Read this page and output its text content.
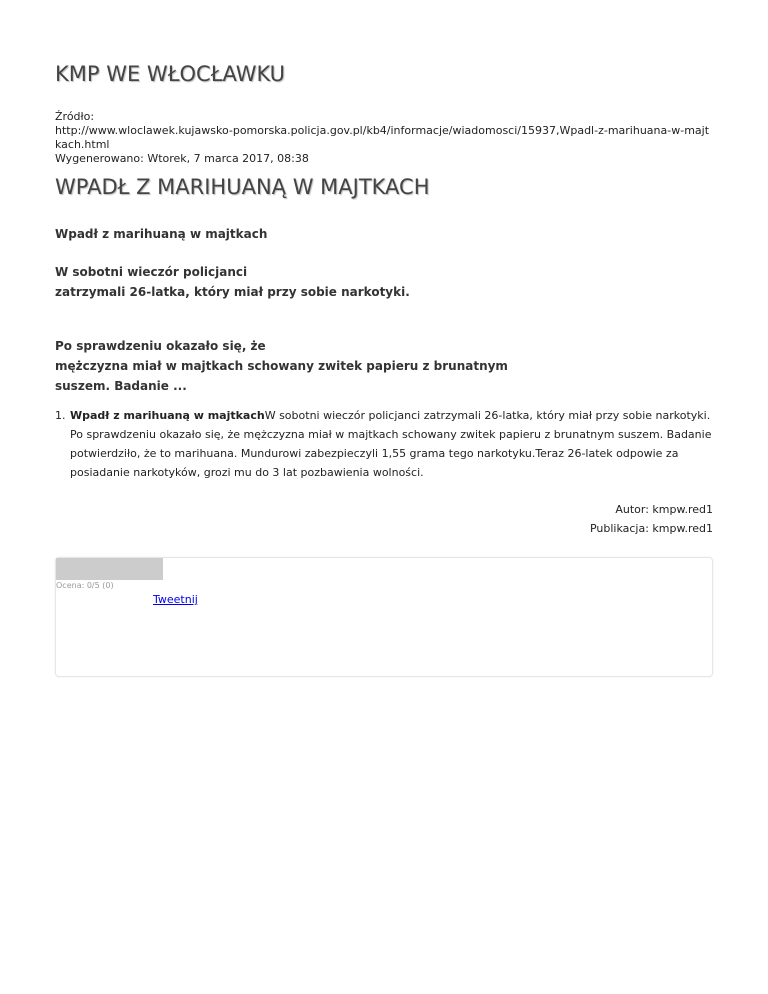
KMP WE WŁOCŁAWKU
Źródło:
http://www.wloclawek.kujawsko-pomorska.policja.gov.pl/kb4/informacje/wiadomosci/15937,Wpadl-z-marihuana-w-majtkach.html
Wygenerowano: Wtorek, 7 marca 2017, 08:38
WPADŁ Z MARIHUANĄ W MAJTKACH
Wpadł z marihuaną w majtkach
W sobotni wieczór policjanci
zatrzymali 26-latka, który miał przy sobie narkotyki.
Po sprawdzeniu okazało się, że
mężczyzna miał w majtkach schowany zwitek papieru z brunatnym
suszem. Badanie ...
1. Wpadł z marihuaną w majtkachW sobotni wieczór policjanci zatrzymali 26-latka, który miał przy sobie narkotyki. Po sprawdzeniu okazało się, że mężczyzna miał w majtkach schowany zwitek papieru z brunatnym suszem. Badanie potwierdziło, że to marihuana. Mundurowi zabezpieczyli 1,55 grama tego narkotyku.Teraz 26-latek odpowie za posiadanie narkotyków, grozi mu do 3 lat pozbawienia wolności.
Autor: kmpw.red1
Publikacja: kmpw.red1
Ocena: 0/5 (0)
Tweetnij
